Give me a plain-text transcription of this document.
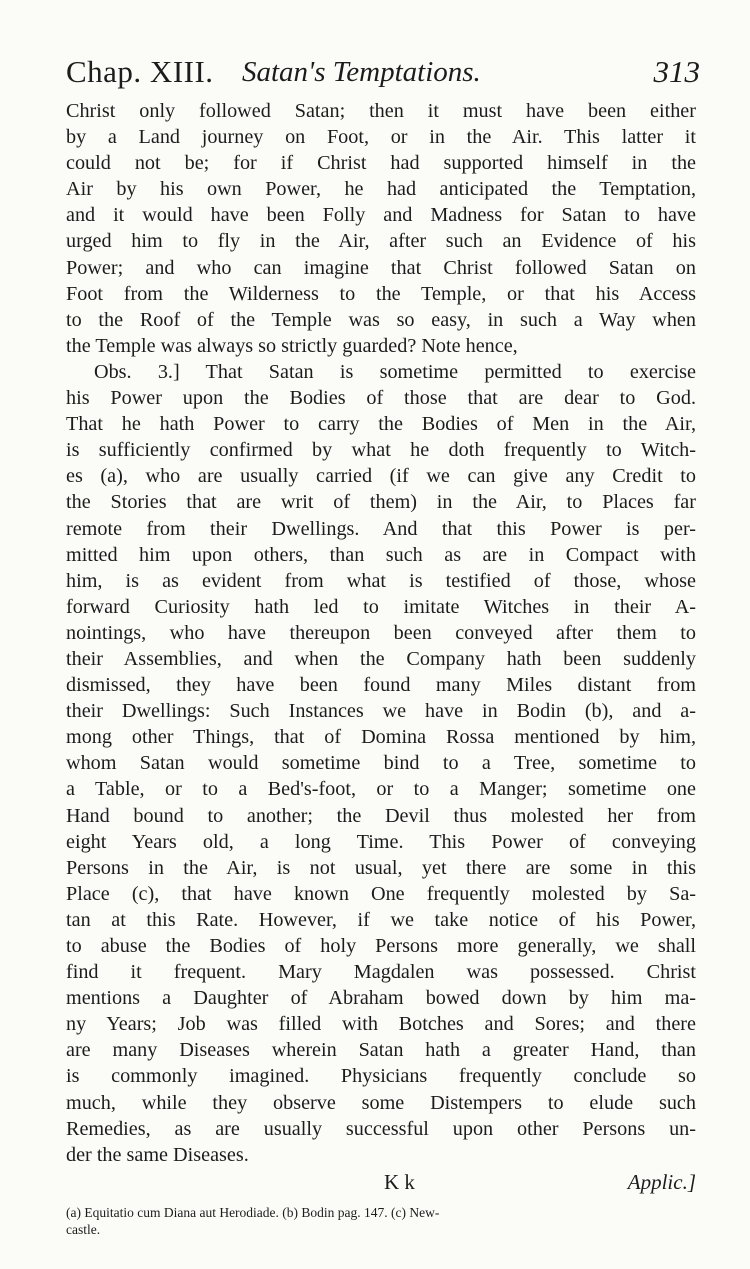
Chap. XIII. Satan's Temptations.	313
Christ only followed Satan; then it must have been either
by a Land journey on Foot, or in the Air. This latter it
could not be; for if Christ had supported himself in the
Air by his own Power, he had anticipated the Temptation,
and it would have been Folly and Madness for Satan to have
urged him to fly in the Air, after such an Evidence of his
Power; and who can imagine that Christ followed Satan on
Foot from the Wilderness to the Temple, or that his Access
to the Roof of the Temple was so easy, in such a Way when
the Temple was always so strictly guarded? Note hence,
Obs. 3.] That Satan is sometime permitted to exercise
his Power upon the Bodies of those that are dear to God.
That he hath Power to carry the Bodies of Men in the Air,
is sufficiently confirmed by what he doth frequently to Witch-
es (a), who are usually carried (if we can give any Credit to
the Stories that are writ of them) in the Air, to Places far
remote from their Dwellings. And that this Power is per-
mitted him upon others, than such as are in Compact with
him, is as evident from what is testified of those, whose
forward Curiosity hath led to imitate Witches in their A-
nointings, who have thereupon been conveyed after them to
their Assemblies, and when the Company hath been suddenly
dismissed, they have been found many Miles distant from
their Dwellings: Such Instances we have in Bodin (b), and a-
mong other Things, that of Domina Rossa mentioned by him,
whom Satan would sometime bind to a Tree, sometime to
a Table, or to a Bed's-foot, or to a Manger; sometime one
Hand bound to another; the Devil thus molested her from
eight Years old, a long Time. This Power of conveying
Persons in the Air, is not usual, yet there are some in this
Place (c), that have known One frequently molested by Sa-
tan at this Rate. However, if we take notice of his Power,
to abuse the Bodies of holy Persons more generally, we shall
find it frequent. Mary Magdalen was possessed. Christ
mentions a Daughter of Abraham bowed down by him ma-
ny Years; Job was filled with Botches and Sores; and there
are many Diseases wherein Satan hath a greater Hand, than
is commonly imagined. Physicians frequently conclude so
much, while they observe some Distempers to elude such
Remedies, as are usually successful upon other Persons un-
der the same Diseases.
K k	Applic.]
(a) Equitatio cum Diana aut Herodiade. (b) Bodin pag. 147. (c) New-
castle.
